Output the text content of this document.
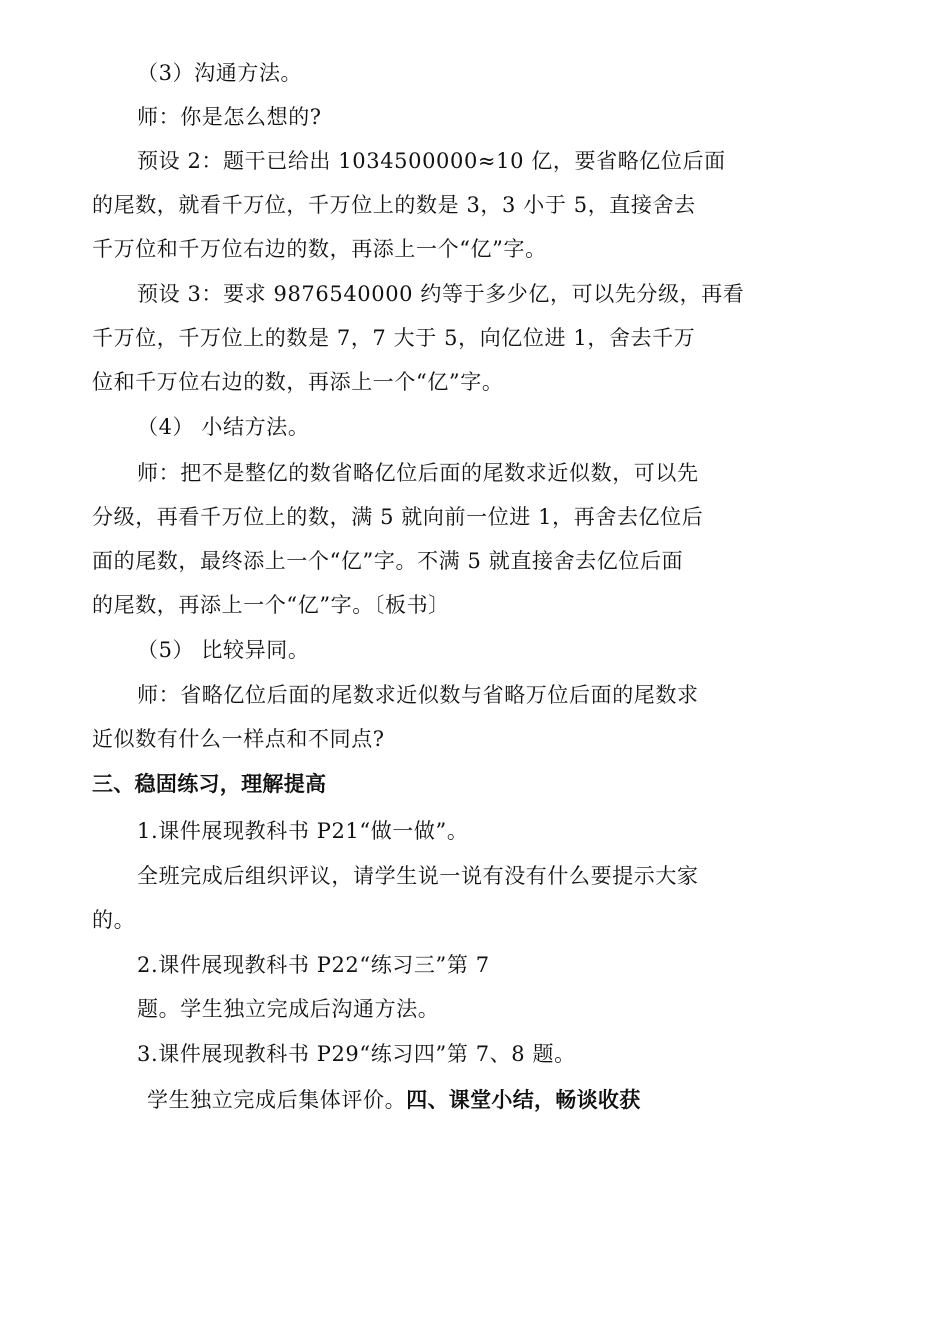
（3）沟通方法。
师：你是怎么想的?
预设 2：题干已给出 1034500000≈10 亿，要省略亿位后面
的尾数，就看千万位，千万位上的数是 3，3 小于 5，直接舍去
千万位和千万位右边的数，再添上一个“亿”字。
预设 3：要求 9876540000 约等于多少亿，可以先分级，再看
千万位，千万位上的数是 7，7 大于 5，向亿位进 1，舍去千万
位和千万位右边的数，再添上一个“亿”字。
（4） 小结方法。
师：把不是整亿的数省略亿位后面的尾数求近似数，可以先
分级，再看千万位上的数，满 5 就向前一位进 1，再舍去亿位后
面的尾数，最终添上一个“亿”字。不满 5 就直接舍去亿位后面
的尾数，再添上一个“亿”字。〔板书〕
（5） 比较异同。
师：省略亿位后面的尾数求近似数与省略万位后面的尾数求
近似数有什么一样点和不同点?
三、稳固练习，理解提高
1.课件展现教科书 P21“做一做”。
全班完成后组织评议，请学生说一说有没有什么要提示大家
的。
2.课件展现教科书 P22“练习三”第 7
题。学生独立完成后沟通方法。
3.课件展现教科书 P29“练习四”第 7、8 题。
学生独立完成后集体评价。四、课堂小结，畅谈收获
